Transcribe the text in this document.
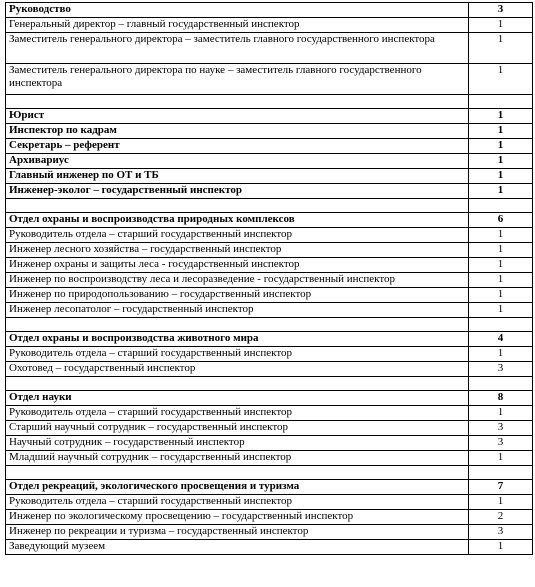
Руководство	3
Генеральный директор – главный государственный инспектор	1
Заместитель генерального директора – заместитель главного государственного инспектора	1
Заместитель генерального директора по науке – заместитель главного государственного инспектора	1

Юрист	1
Инспектор по кадрам	1
Секретарь – референт	1
Архивариус	1
Главный инженер по ОТ и ТБ	1
Инженер-эколог – государственный инспектор	1

Отдел охраны и воспроизводства природных комплексов	6
Руководитель отдела – старший государственный инспектор	1
Инженер лесного хозяйства – государственный инспектор	1
Инженер охраны и защиты леса - государственный инспектор	1
Инженер по воспроизводству леса и лесоразведение - государственный инспектор	1
Инженер по природопользованию – государственный инспектор	1
Инженер лесопатолог – государственный инспектор	1

Отдел охраны и воспроизводства животного мира	4
Руководитель отдела – старший государственный инспектор	1
Охотовед – государственный инспектор	3

Отдел науки	8
Руководитель отдела – старший государственный инспектор	1
Старший научный сотрудник – государственный инспектор	3
Научный сотрудник – государственный инспектор	3
Младший научный сотрудник – государственный инспектор	1

Отдел рекреаций, экологического просвещения и туризма	7
Руководитель отдела – старший государственный инспектор	1
Инженер по экологическому просвещению – государственный инспектор	2
Инженер по рекреации и туризма – государственный инспектор	3
Заведующий музеем	1
